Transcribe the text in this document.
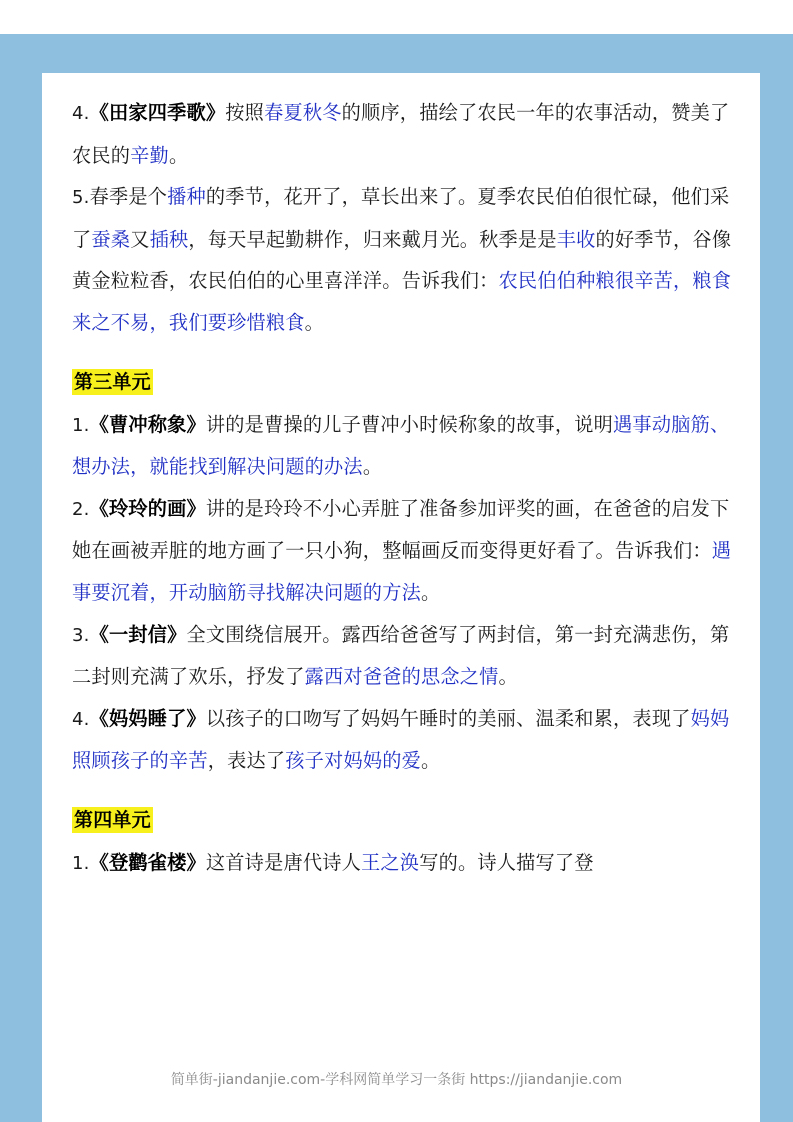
4.《田家四季歌》按照春夏秋冬的顺序，描绘了农民一年的农事活动，赞美了农民的辛勤。

5.春季是个播种的季节，花开了，草长出来了。夏季农民伯伯很忙碌，他们采了蚕桑又插秧，每天早起勤耕作，归来戴月光。秋季是是丰收的好季节，谷像黄金粒粒香，农民伯伯的心里喜洋洋。告诉我们：农民伯伯种粮很辛苦，粮食来之不易，我们要珍惜粮食。

第三单元

1.《曹冲称象》讲的是曹操的儿子曹冲小时候称象的故事，说明遇事动脑筋、想办法，就能找到解决问题的办法。

2.《玲玲的画》讲的是玲玲不小心弄脏了准备参加评奖的画，在爸爸的启发下她在画被弄脏的地方画了一只小狗，整幅画反而变得更好看了。告诉我们：遇事要沉着，开动脑筋寻找解决问题的方法。

3.《一封信》全文围绕信展开。露西给爸爸写了两封信，第一封充满悲伤，第二封则充满了欢乐，抒发了露西对爸爸的思念之情。

4.《妈妈睡了》以孩子的口吻写了妈妈午睡时的美丽、温柔和累，表现了妈妈照顾孩子的辛苦，表达了孩子对妈妈的爱。

第四单元

1.《登鹳雀楼》这首诗是唐代诗人王之涣写的。诗人描写了登

简单街-jiandanjie.com-学科网简单学习一条街 https://jiandanjie.com
